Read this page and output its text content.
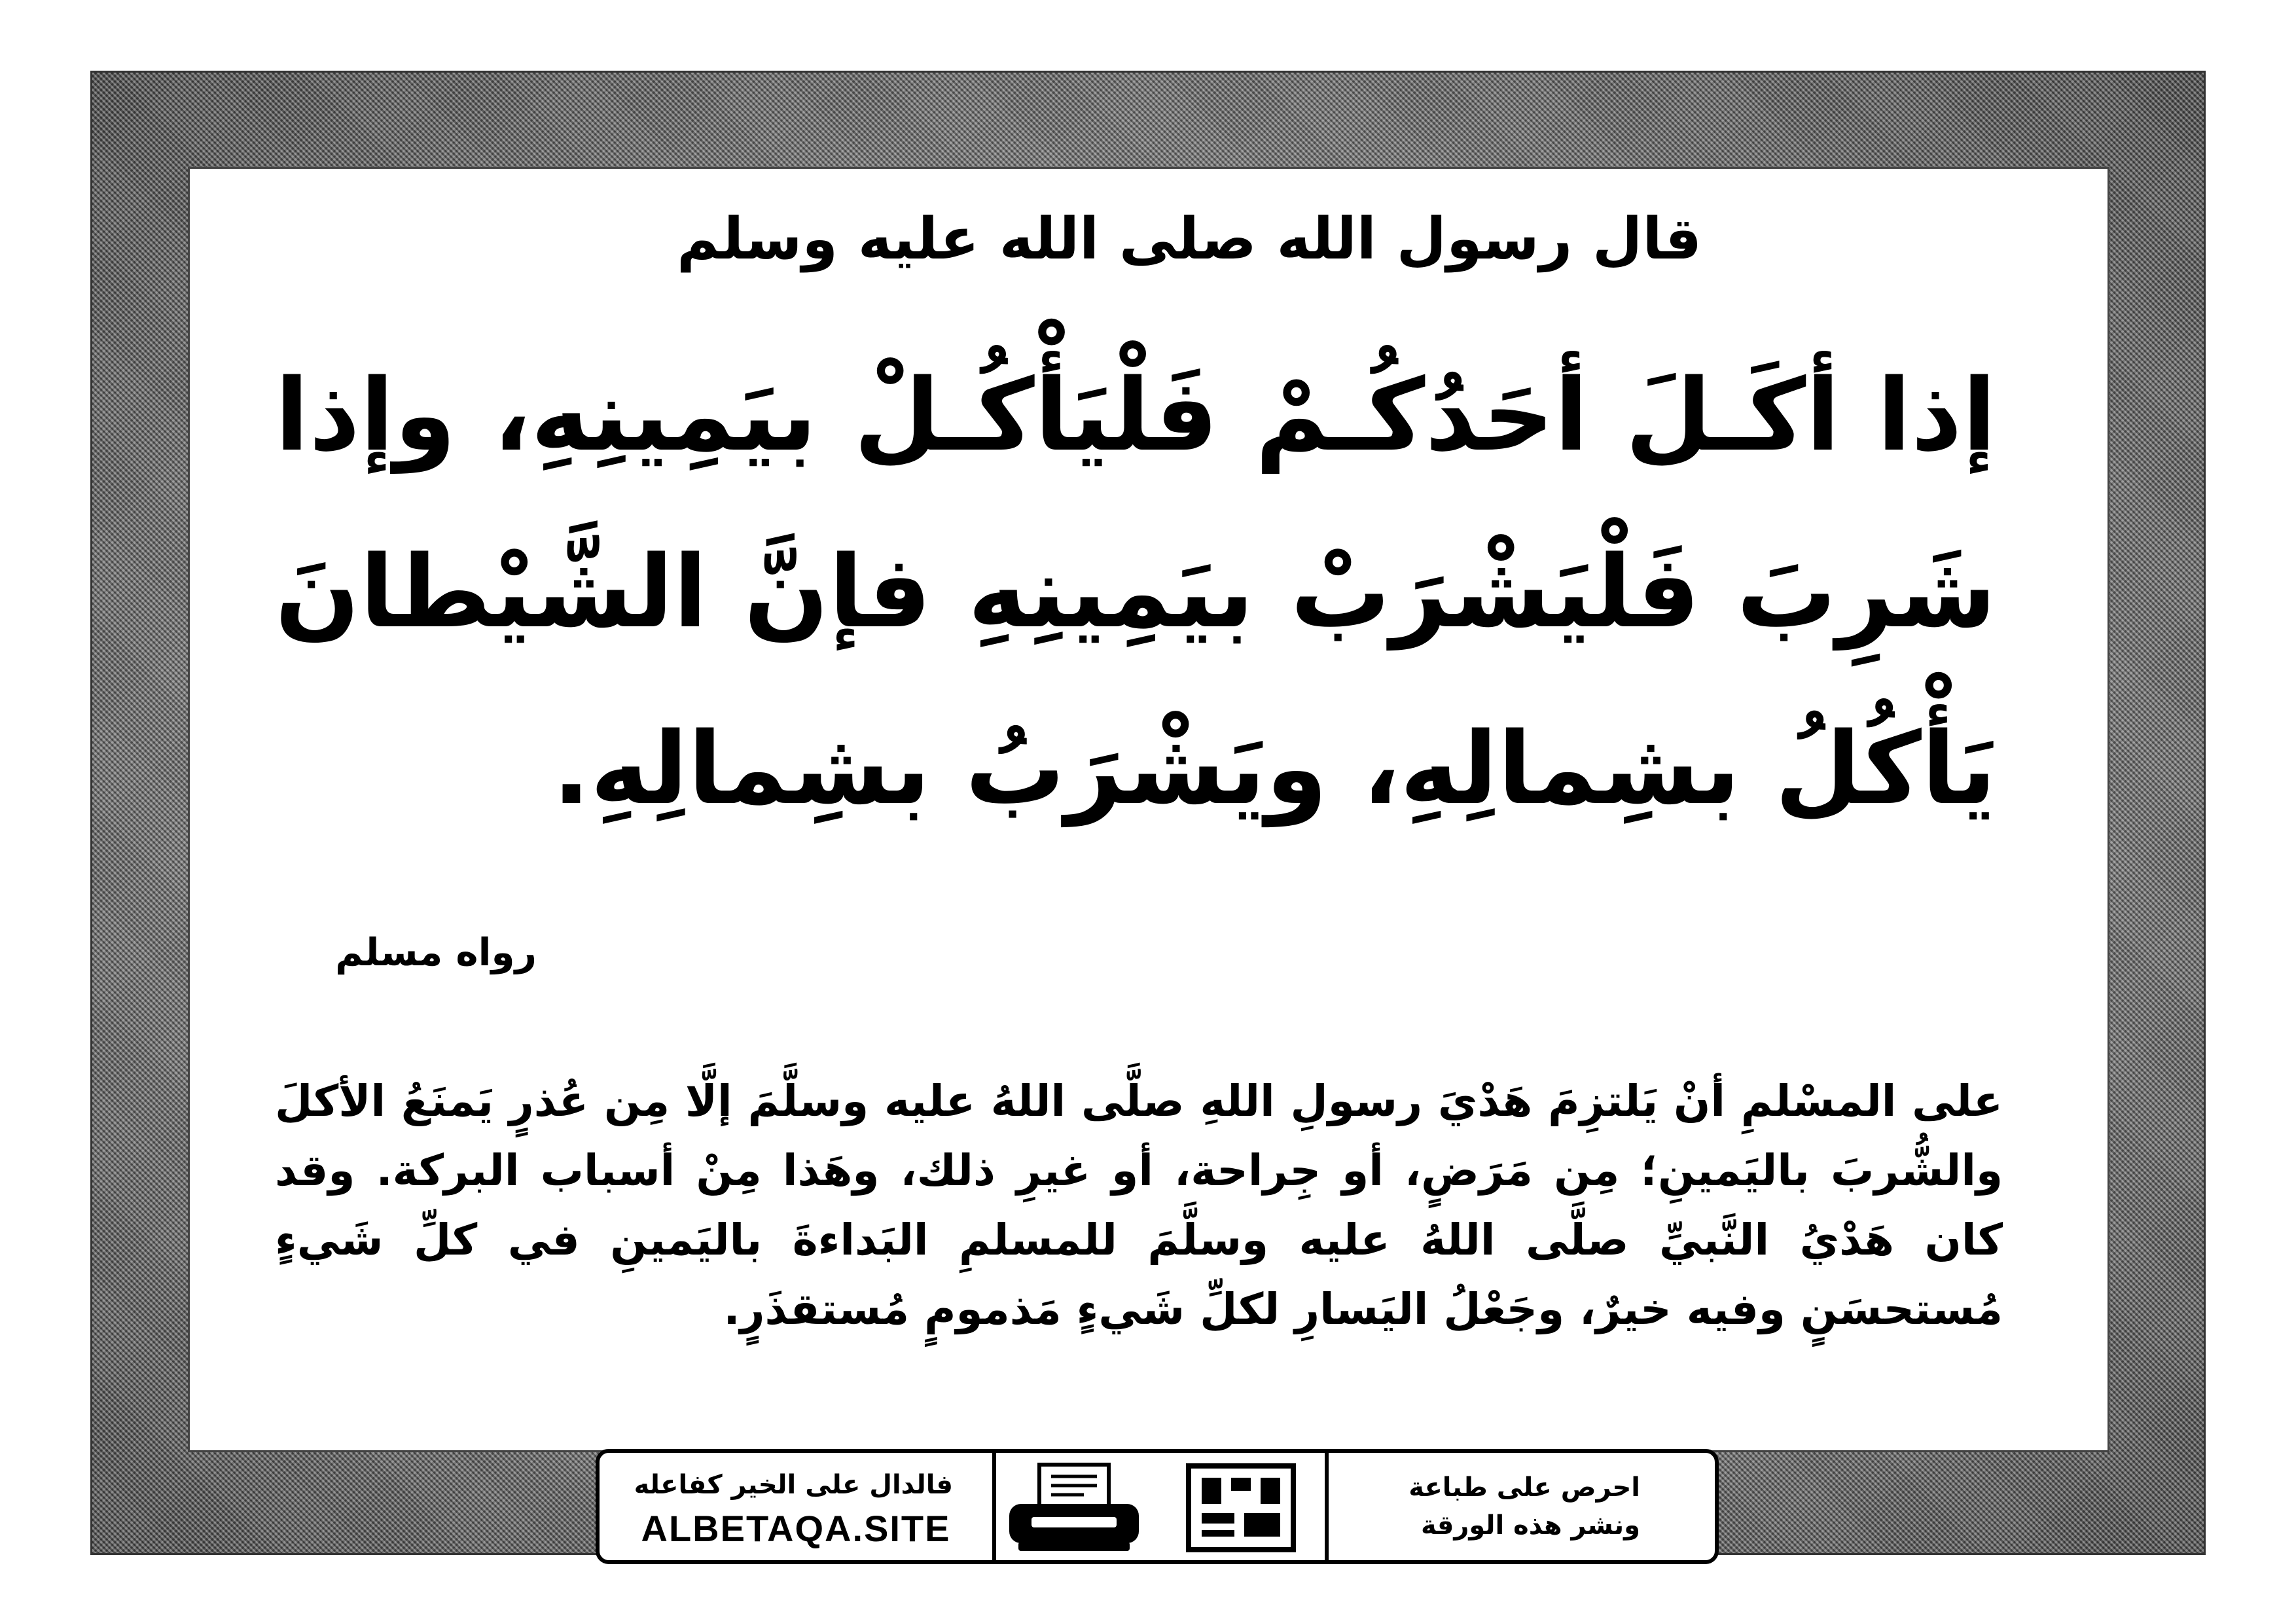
قال رسول الله صلى الله عليه وسلم
إذا أكَـلَ أحَدُكُـمْ فَلْيَأْكُـلْ بيَمِينِهِ، وإذا شَرِبَ فَلْيَشْرَبْ بيَمِينِهِ فإنَّ الشَّيْطانَ يَأْكُلُ بشِمالِهِ، ويَشْرَبُ بشِمالِهِ.
رواه مسلم
على المسْلمِ أنْ يَلتزِمَ هَدْيَ رسولِ اللهِ صلَّى اللهُ عليه وسلَّمَ إلَّا مِن عُذرٍ يَمنَعُ الأكلَ والشُّربَ باليَمينِ؛ مِن مَرَضٍ، أو جِراحة، أو غيرِ ذلك، وهَذا مِنْ أسباب البركة. وقد كان هَدْيُ النَّبيِّ صلَّى اللهُ عليه وسلَّمَ للمسلمِ البَداءةَ باليَمينِ في كلِّ شَيءٍ مُستحسَنٍ وفيه خيرٌ، وجَعْلُ اليَسارِ لكلِّ شَيءٍ مَذمومٍ مُستقذَرٍ.
فالدال على الخير كفاعله
ALBETAQA.SITE
احرص على طباعة
ونشر هذه الورقة
